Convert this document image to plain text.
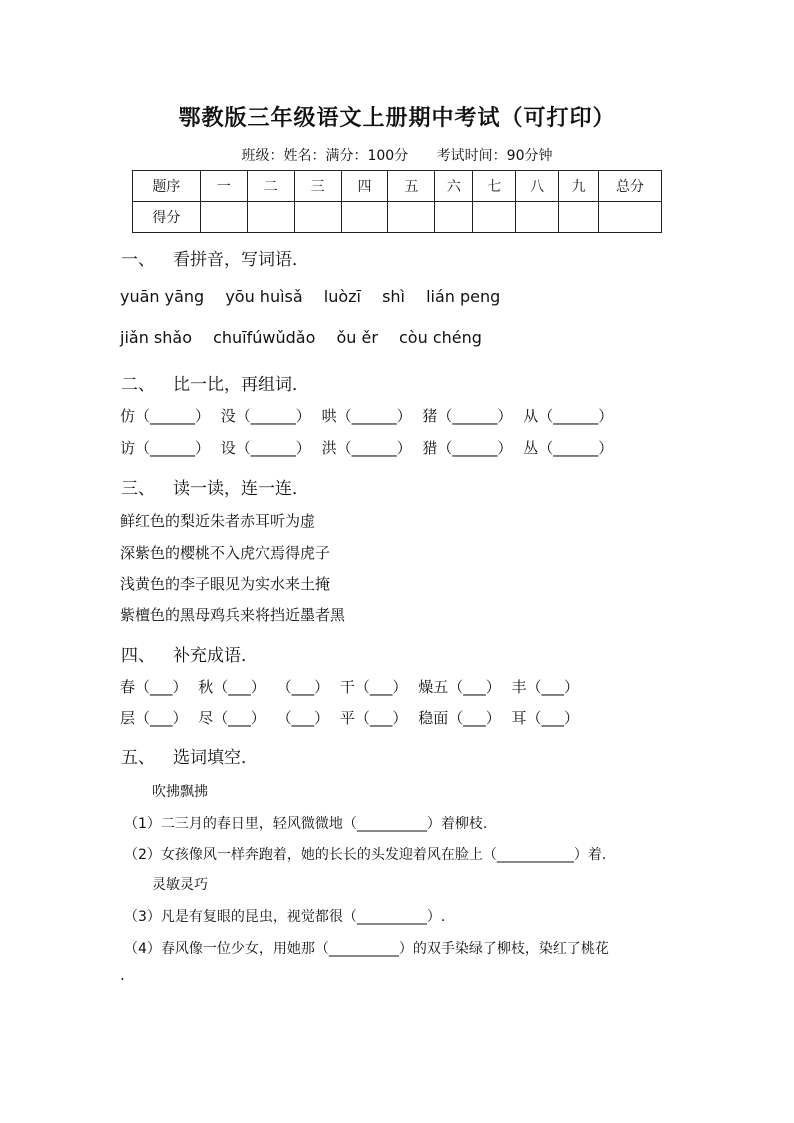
鄂教版三年级语文上册期中考试（可打印）
班级：姓名：满分：100分 考试时间：90分钟
题序	一	二	三	四	五	六	七	八	九	总分
得分										
一、 看拼音，写词语．
yuān yāng yōu huìsǎ luòzī shì lián peng
jiǎn shǎo chuīfúwǔdǎo ǒu ěr còu chéng
二、 比一比，再组词．
仿（______） 没（______） 哄（______） 猪（______） 从（______）
访（______） 设（______） 洪（______） 猎（______） 丛（______）
三、 读一读，连一连．
鲜红色的梨近朱者赤耳听为虚
深紫色的樱桃不入虎穴焉得虎子
浅黄色的李子眼见为实水来土掩
紫檀色的黑母鸡兵来将挡近墨者黑
四、 补充成语．
春（___） 秋（___） （___） 干（___） 燥五（___） 丰（___）
层（___） 尽（___） （___） 平（___） 稳面（___） 耳（___）
五、 选词填空．
吹拂飘拂
（1）二三月的春日里，轻风微微地（__________）着柳枝.
（2）女孩像风一样奔跑着，她的长长的头发迎着风在脸上（___________）着.
灵敏灵巧
（3）凡是有复眼的昆虫，视觉都很（__________）.
（4）春风像一位少女，用她那（__________）的双手染绿了柳枝，染红了桃花
.
